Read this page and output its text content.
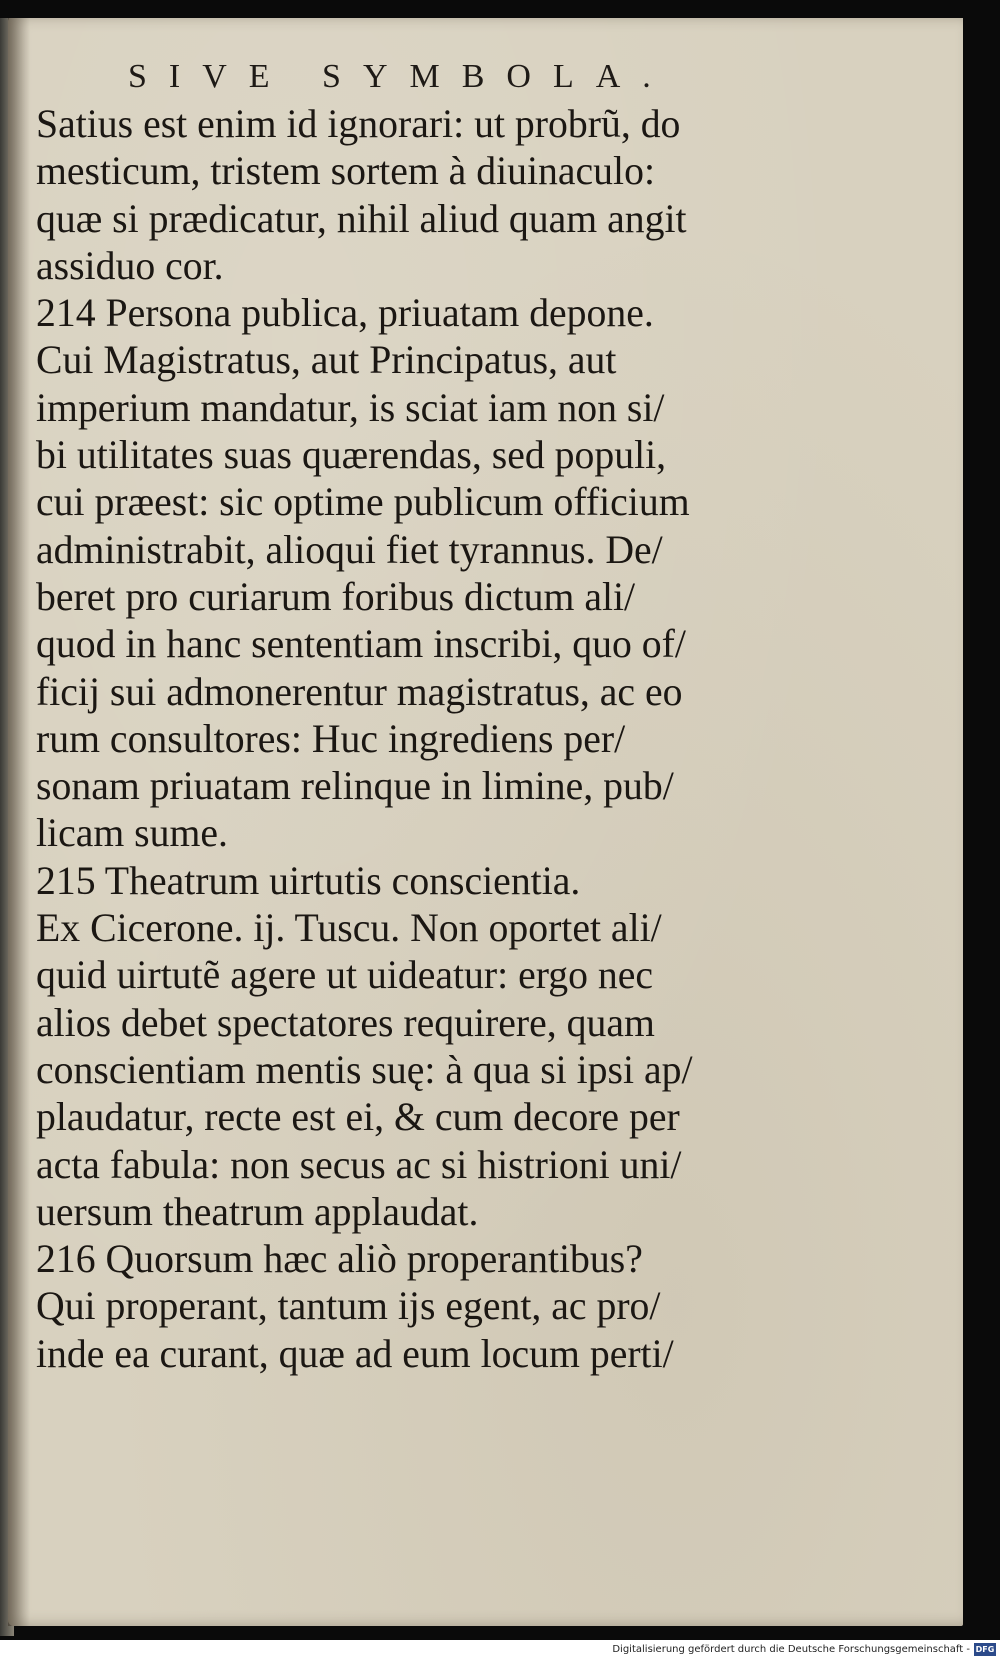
SIVE SYMBOLA.
Satius est enim id ignorari: ut probrũ, do
mesticum, tristem sortem à diuinaculo:
quæ si prædicatur, nihil aliud quam angit
assiduo cor.
214 Persona publica, priuatam depone.
Cui Magistratus, aut Principatus, aut
imperium mandatur, is sciat iam non si/
bi utilitates suas quærendas, sed populi,
cui præest: sic optime publicum officium
administrabit, alioqui fiet tyrannus. De/
beret pro curiarum foribus dictum ali/
quod in hanc sententiam inscribi, quo of/
ficij sui admonerentur magistratus, ac eo
rum consultores: Huc ingrediens per/
sonam priuatam relinque in limine, pub/
licam sume.
215 Theatrum uirtutis conscientia.
Ex Cicerone. ij. Tuscu. Non oportet ali/
quid uirtutẽ agere ut uideatur: ergo nec
alios debet spectatores requirere, quam
conscientiam mentis suę: à qua si ipsi ap/
plaudatur, recte est ei, & cum decore per
acta fabula: non secus ac si histrioni uni/
uersum theatrum applaudat.
216 Quorsum hæc aliò properantibus?
Qui properant, tantum ijs egent, ac pro/
inde ea curant, quæ ad eum locum perti/
Digitalisierung gefördert durch die Deutsche Forschungsgemeinschaft - DFG
